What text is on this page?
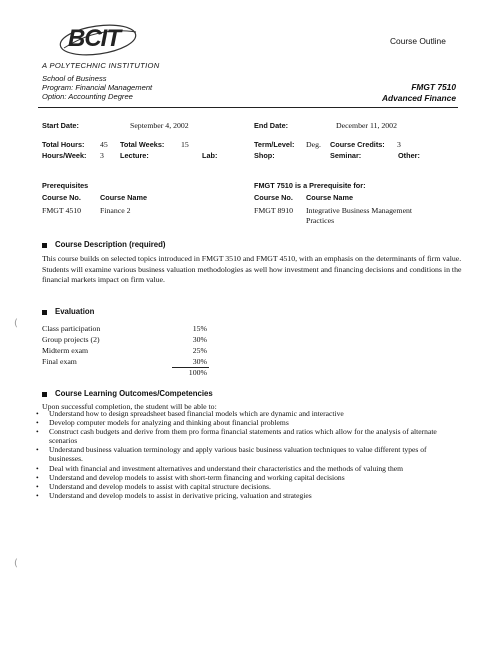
BCIT
A POLYTECHNIC INSTITUTION
Course Outline
School of Business
Program: Financial Management
Option: Accounting Degree
FMGT 7510
Advanced Finance
Start Date:	September 4, 2002	End Date:	December 11, 2002
Total Hours: 45 Total Weeks: 15	Term/Level: Deg. Course Credits: 3
Hours/Week: 3 Lecture:	Lab:	Shop:	Seminar:	Other:
Prerequisites
Course No.	Course Name
FMGT 4510 Finance 2
FMGT 7510 is a Prerequisite for:
Course No. Course Name
FMGT 8910 Integrative Business Management
Practices
Course Description (required)
This course builds on selected topics introduced in FMGT 3510 and FMGT 4510, with an emphasis on the determinants of firm value. Students will examine various business valuation methodologies as well how investment and financing decisions and conditions in the financial markets impact on firm value.
Evaluation
Class participation	15%
Group projects (2)	30%
Midterm exam	25%
Final exam	30%
100%
Course Learning Outcomes/Competencies
Upon successful completion, the student will be able to:
• Understand how to design spreadsheet based financial models which are dynamic and interactive
• Develop computer models for analyzing and thinking about financial problems
• Construct cash budgets and derive from them pro forma financial statements and ratios which allow for the analysis of alternate scenarios
• Understand business valuation terminology and apply various basic business valuation techniques to value different types of businesses.
• Deal with financial and investment alternatives and understand their characteristics and the methods of valuing them
• Understand and develop models to assist with short-term financing and working capital decisions
• Understand and develop models to assist with capital structure decisions.
• Understand and develop models to assist in derivative pricing, valuation and strategies
(
(
